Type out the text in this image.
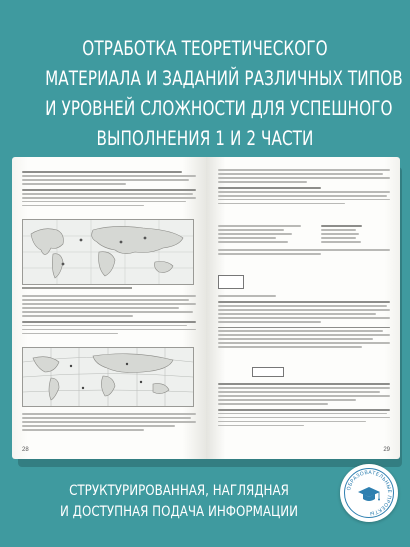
ОТРАБОТКА ТЕОРЕТИЧЕСКОГО
МАТЕРИАЛА И ЗАДАНИЙ РАЗЛИЧНЫХ ТИПОВ
И УРОВНЕЙ СЛОЖНОСТИ ДЛЯ УСПЕШНОГО
ВЫПОЛНЕНИЯ 1 И 2 ЧАСТИ
28	29
СТРУКТУРИРОВАННАЯ, НАГЛЯДНАЯ
И ДОСТУПНАЯ ПОДАЧА ИНФОРМАЦИИ
ОБРАЗОВАТЕЛЬНЫЕ ПРОЕКТЫ
